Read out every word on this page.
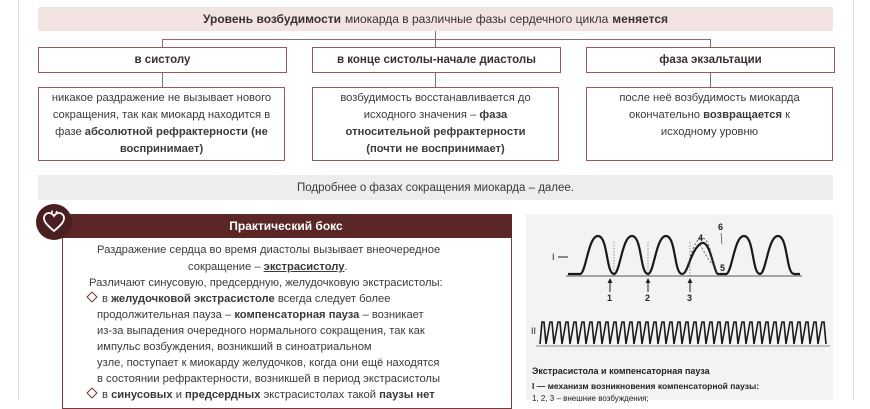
Уровень возбудимости миокарда в различные фазы сердечного цикла меняется
в систолу	в конце систолы-начале диастолы	фаза экзальтации
никакое раздражение не вызывает нового сокращения, так как миокард находится в фазе абсолютной рефрактерности (не воспринимает)
возбудимость восстанавливается до исходного значения – фаза относительной рефрактерности (почти не воспринимает)
после неё возбудимость миокарда окончательно возвращается к исходному уровню
Подробнее о фазах сокращения миокарда – далее.
Практический бокс
Раздражение сердца во время диастолы вызывает внеочередное
сокращение – экстрасистолу.
Различают синусовую, предсердную, желудочковую экстрасистолы:
в желудочковой экстрасистоле всегда следует более
продолжительная пауза – компенсаторная пауза – возникает
из-за выпадения очередного нормального сокращения, так как
импульс возбуждения, возникший в синоатриальном
узле, поступает к миокарду желудочков, когда они ещё находятся
в состоянии рефрактерности, возникшей в период экстрасистолы
в синусовых и предсердных экстрасистолах такой паузы нет
I
1	2	3
4
5
6
II
Экстрасистола и компенсаторная пауза
I — механизм возникновения компенсаторной паузы:
1, 2, 3 – внешние возбуждения;
